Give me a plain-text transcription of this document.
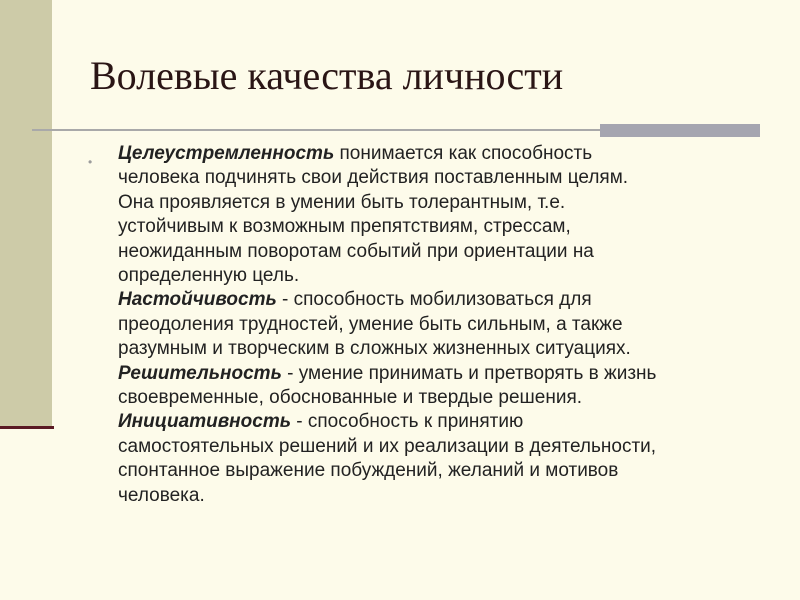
Волевые качества личности
• Целеустремленность понимается как способность

человека подчинять свои действия поставленным целям.

Она проявляется в умении быть толерантным, т.е.

устойчивым к возможным препятствиям, стрессам,

неожиданным поворотам событий при ориентации на

определенную цель.

Настойчивость - способность мобилизоваться для

преодоления трудностей, умение быть сильным, а также

разумным и творческим в сложных жизненных ситуациях.

Решительность - умение принимать и претворять в жизнь

своевременные, обоснованные и твердые решения.

Инициативность - способность к принятию

самостоятельных решений и их реализации в деятельности,

спонтанное выражение побуждений, желаний и мотивов

человека.
